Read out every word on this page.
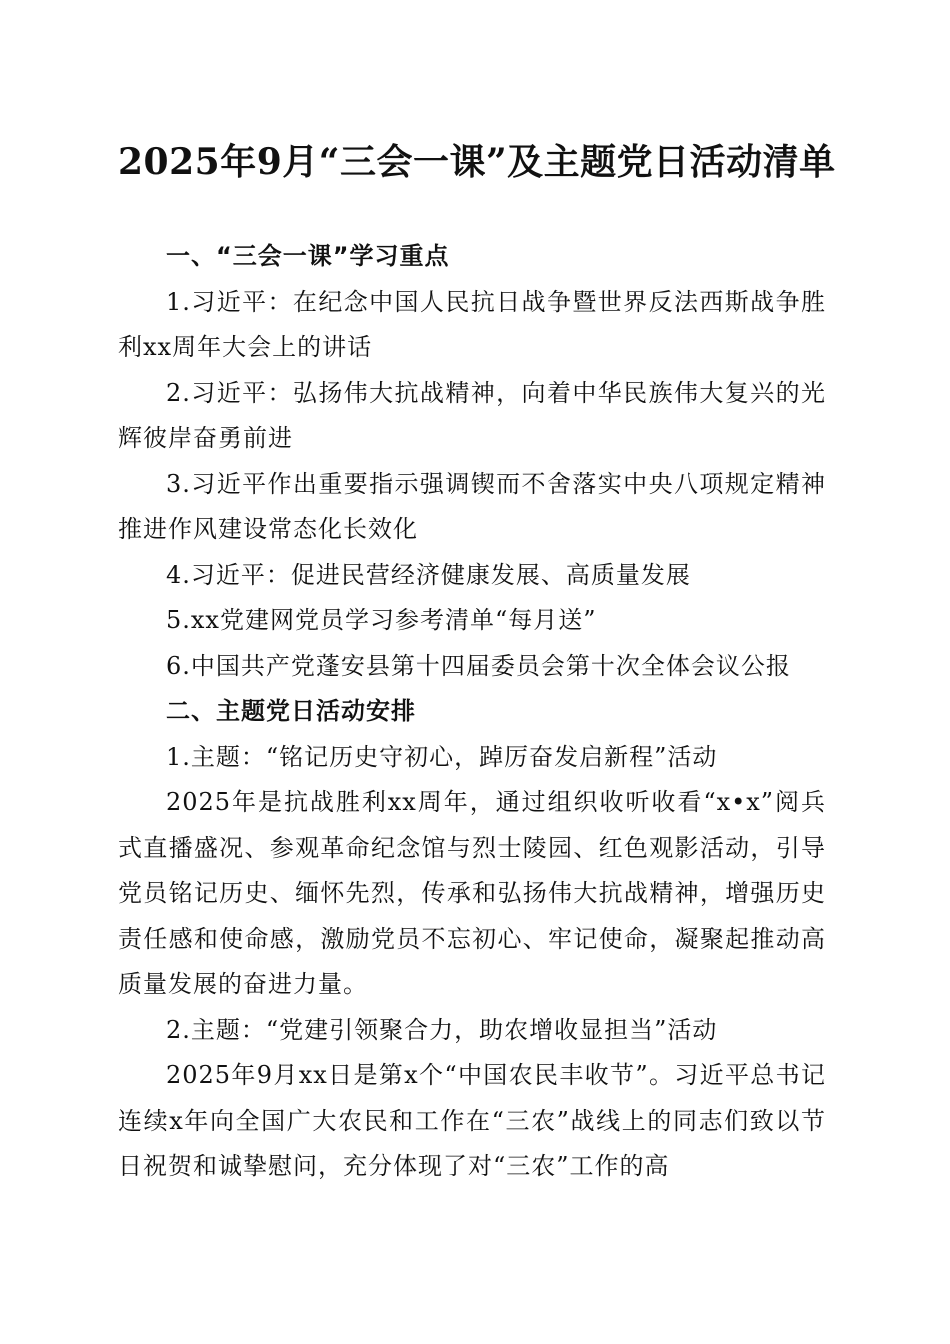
2025年9月“三会一课”及主题党日活动清单

一、“三会一课”学习重点

1.习近平：在纪念中国人民抗日战争暨世界反法西斯战争胜利xx周年大会上的讲话

2.习近平：弘扬伟大抗战精神，向着中华民族伟大复兴的光辉彼岸奋勇前进

3.习近平作出重要指示强调锲而不舍落实中央八项规定精神推进作风建设常态化长效化

4.习近平：促进民营经济健康发展、高质量发展

5.xx党建网党员学习参考清单“每月送”

6.中国共产党蓬安县第十四届委员会第十次全体会议公报

二、主题党日活动安排

1.主题：“铭记历史守初心，踔厉奋发启新程”活动

2025年是抗战胜利xx周年，通过组织收听收看“x•x”阅兵式直播盛况、参观革命纪念馆与烈士陵园、红色观影活动，引导党员铭记历史、缅怀先烈，传承和弘扬伟大抗战精神，增强历史责任感和使命感，激励党员不忘初心、牢记使命，凝聚起推动高质量发展的奋进力量。

2.主题：“党建引领聚合力，助农增收显担当”活动

2025年9月xx日是第x个“中国农民丰收节”。习近平总书记连续x年向全国广大农民和工作在“三农”战线上的同志们致以节日祝贺和诚挚慰问，充分体现了对“三农”工作的高
